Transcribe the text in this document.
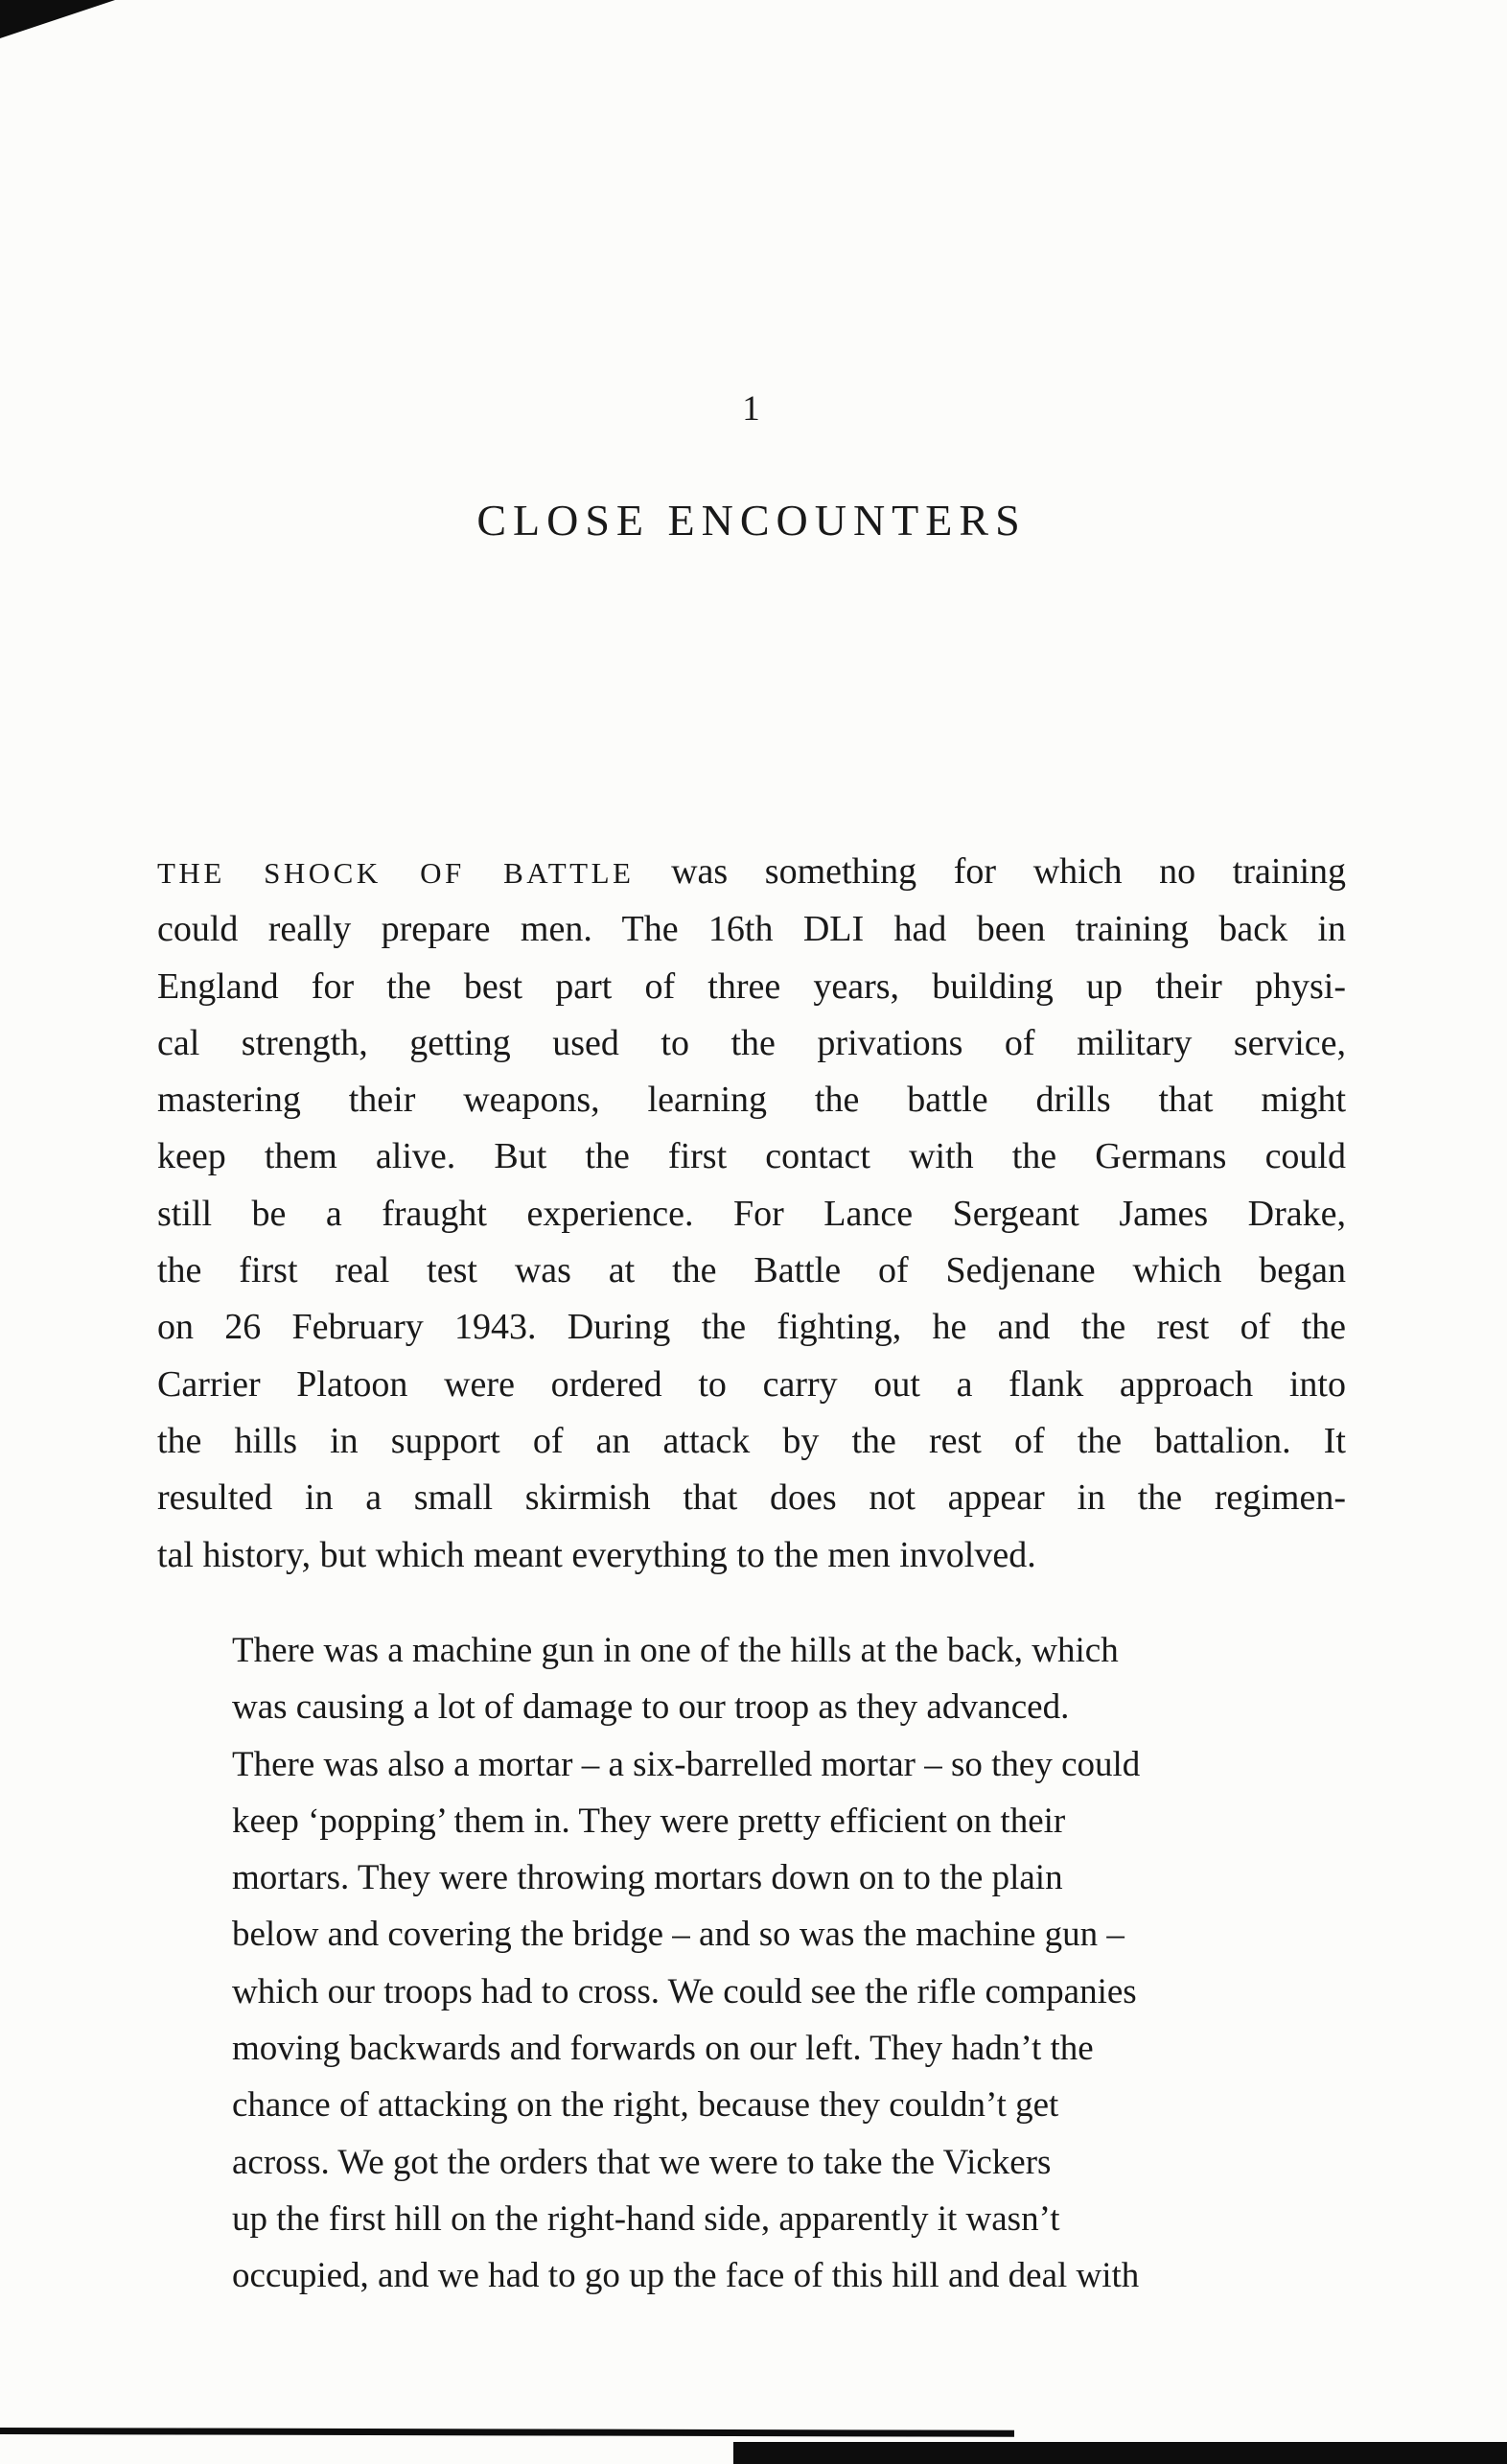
1
CLOSE ENCOUNTERS
THE SHOCK OF BATTLE was something for which no training
could really prepare men. The 16th DLI had been training back in
England for the best part of three years, building up their physi-
cal strength, getting used to the privations of military service,
mastering their weapons, learning the battle drills that might
keep them alive. But the first contact with the Germans could
still be a fraught experience. For Lance Sergeant James Drake,
the first real test was at the Battle of Sedjenane which began
on 26 February 1943. During the fighting, he and the rest of the
Carrier Platoon were ordered to carry out a flank approach into
the hills in support of an attack by the rest of the battalion. It
resulted in a small skirmish that does not appear in the regimen-
tal history, but which meant everything to the men involved.
There was a machine gun in one of the hills at the back, which
was causing a lot of damage to our troop as they advanced.
There was also a mortar – a six-barrelled mortar – so they could
keep ‘popping’ them in. They were pretty efficient on their
mortars. They were throwing mortars down on to the plain
below and covering the bridge – and so was the machine gun –
which our troops had to cross. We could see the rifle companies
moving backwards and forwards on our left. They hadn’t the
chance of attacking on the right, because they couldn’t get
across. We got the orders that we were to take the Vickers
up the first hill on the right-hand side, apparently it wasn’t
occupied, and we had to go up the face of this hill and deal with
